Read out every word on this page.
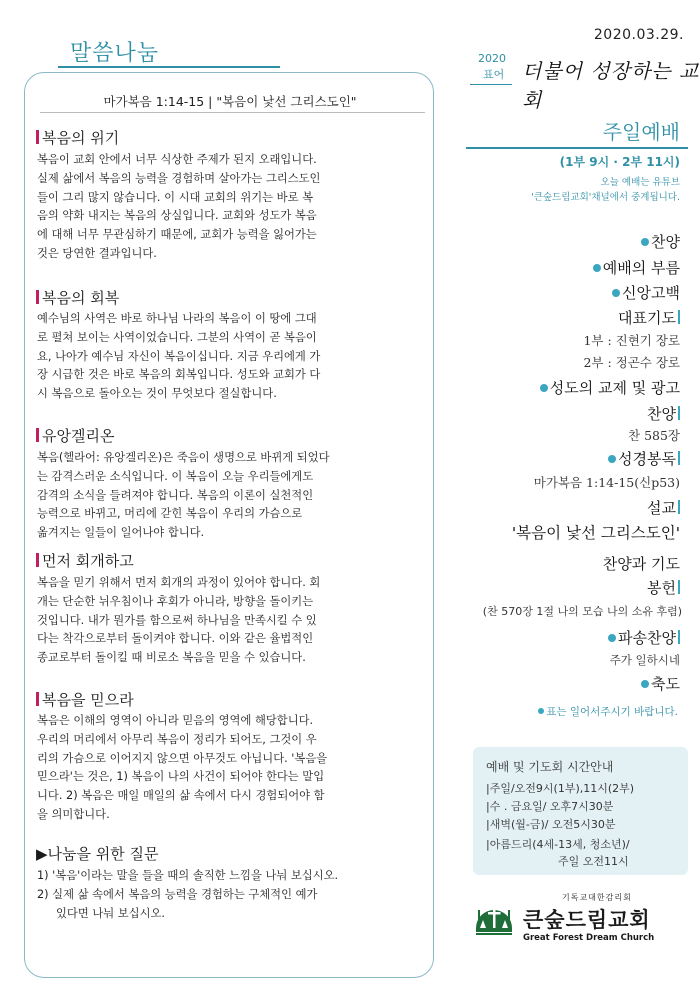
말씀나눔
마가복음 1:14-15 | "복음이 낯선 그리스도인"
복음의 위기
복음이 교회 안에서 너무 식상한 주제가 된지 오래입니다.
실제 삶에서 복음의 능력을 경험하며 살아가는 그리스도인
들이 그리 많지 않습니다. 이 시대 교회의 위기는 바로 복
음의 약화 내지는 복음의 상실입니다. 교회와 성도가 복음
에 대해 너무 무관심하기 때문에, 교회가 능력을 잃어가는
것은 당연한 결과입니다.
복음의 회복
예수님의 사역은 바로 하나님 나라의 복음이 이 땅에 그대
로 펼쳐 보이는 사역이었습니다. 그분의 사역이 곧 복음이
요, 나아가 예수님 자신이 복음이십니다. 지금 우리에게 가
장 시급한 것은 바로 복음의 회복입니다. 성도와 교회가 다
시 복음으로 돌아오는 것이 무엇보다 절실합니다.
유앙겔리온
복음(헬라어: 유앙겔리온)은 죽음이 생명으로 바뀌게 되었다
는 감격스러운 소식입니다. 이 복음이 오늘 우리들에게도
감격의 소식을 들려져야 합니다. 복음의 이론이 실천적인
능력으로 바뀌고, 머리에 갇힌 복음이 우리의 가슴으로
옮겨지는 일들이 일어나야 합니다.
먼저 회개하고
복음을 믿기 위해서 먼저 회개의 과정이 있어야 합니다. 회
개는 단순한 뉘우침이나 후회가 아니라, 방향을 돌이키는
것입니다. 내가 뭔가를 함으로써 하나님을 만족시킬 수 있
다는 착각으로부터 돌이켜야 합니다. 이와 같은 율법적인
종교로부터 돌이킬 때 비로소 복음을 믿을 수 있습니다.
복음을 믿으라
복음은 이해의 영역이 아니라 믿음의 영역에 해당합니다.
우리의 머리에서 아무리 복음이 정리가 되어도, 그것이 우
리의 가슴으로 이어지지 않으면 아무것도 아닙니다. '복음을
믿으라'는 것은, 1) 복음이 나의 사건이 되어야 한다는 말입
니다. 2) 복음은 매일 매일의 삶 속에서 다시 경험되어야 함
을 의미합니다.
▶나눔을 위한 질문
1) '복음'이라는 말을 들을 때의 솔직한 느낌을 나눠 보십시오.
2) 실제 삶 속에서 복음의 능력을 경험하는 구체적인 예가
있다면 나눠 보십시오.
2020.03.29.
2020
표어 더불어 성장하는 교회
주일예배
(1부 9시 · 2부 11시)
오늘 예배는 유튜브
'큰숲드림교회'채널에서 중계됩니다.
찬양
예배의 부름
신앙고백
대표기도
1부 : 진현기 장로
2부 : 정곤수 장로
성도의 교제 및 광고
찬양
찬 585장
성경봉독
마가복음 1:14-15(신p53)
설교
'복음이 낯선 그리스도인'
찬양과 기도
봉헌
(찬 570장 1절 나의 모습 나의 소유 후렴)
파송찬양
주가 일하시네
축도
표는 일어서주시기 바랍니다.
예배 및 기도회 시간안내
|주일/오전9시(1부),11시(2부)
|수 . 금요일/ 오후7시30분
|새벽(월-금)/ 오전5시30분
|아름드리(4세-13세, 청소년)/
주일 오전11시
기독교대한감리회
큰숲드림교회
Great Forest Dream Church
